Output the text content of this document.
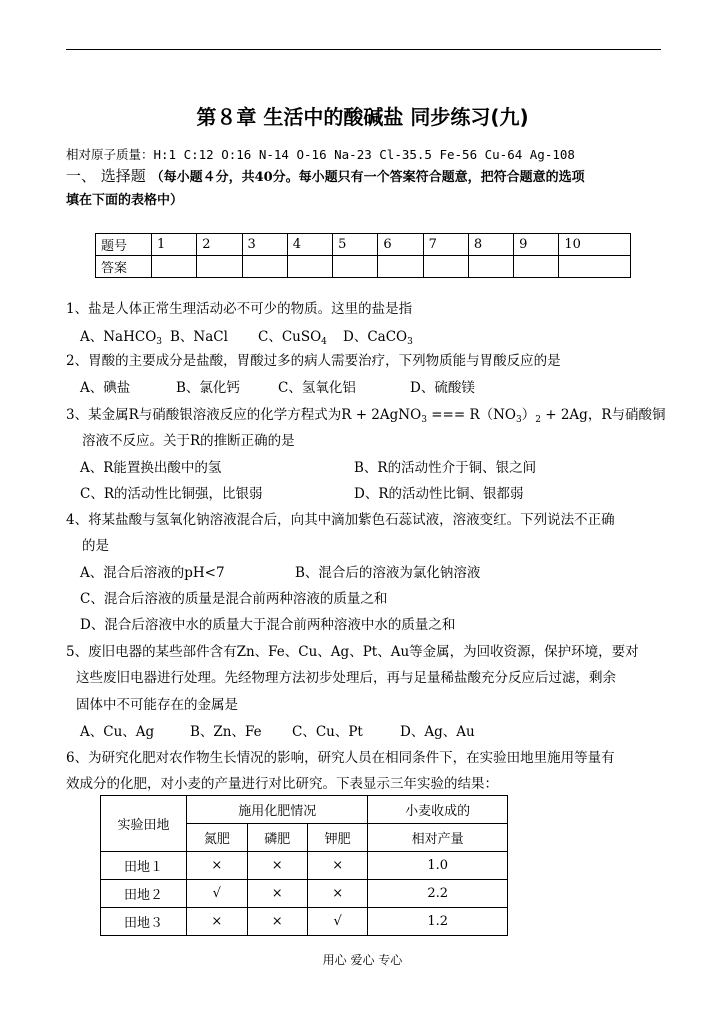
第８章 生活中的酸碱盐 同步练习(九)
相对原子质量：H:1 C:12 O:16 N-14 O-16 Na-23 Cl-35.5 Fe-56 Cu-64 Ag-108
一、 选择题 （每小题４分，共40分。每小题只有一个答案符合题意，把符合题意的选项
填在下面的表格中）
题号	1	2	3	4	5	6	7	8	9	10
答案										
1、盐是人体正常生理活动必不可少的物质。这里的盐是指
A、NaHCO$_3$ B、NaCl C、CuSO$_4$ D、CaCO$_3$
2、胃酸的主要成分是盐酸，胃酸过多的病人需要治疗，下列物质能与胃酸反应的是
A、碘盐	B、氯化钙	C、氢氧化铝	D、硫酸镁
3、某金属R与硝酸银溶液反应的化学方程式为R + 2AgNO$_3$ === $R(NO_3)_2 + 2Ag$，R与硝酸铜
溶液不反应。关于R的推断正确的是
A、R能置换出酸中的氢	B、R的活动性介于铜、银之间
C、R的活动性比铜强，比银弱	D、R的活动性比铜、银都弱
4、将某盐酸与氢氧化钠溶液混合后，向其中滴加紫色石蕊试液，溶液变红。下列说法不正确
的是
A、混合后溶液的pH<7	B、混合后的溶液为氯化钠溶液
C、混合后溶液的质量是混合前两种溶液的质量之和
D、混合后溶液中水的质量大于混合前两种溶液中水的质量之和
5、废旧电器的某些部件含有Zn、Fe、Cu、Ag、Pt、Au等金属，为回收资源，保护环境，要对
这些废旧电器进行处理。先经物理方法初步处理后，再与足量稀盐酸充分反应后过滤，剩余
固体中不可能存在的金属是
A、Cu、Ag	B、Zn、Fe C、Cu、Pt	D、Ag、Au
6、为研究化肥对农作物生长情况的影响，研究人员在相同条件下，在实验田地里施用等量有
效成分的化肥，对小麦的产量进行对比研究。下表显示三年实验的结果：
实验田地	施用化肥情况			小麦收成的
	氮肥	磷肥	钾肥	相对产量
田地１	×	×	×	1.0
田地２	√	×	×	2.2
田地３	×	×	√	1.2
用心 爱心 专心
